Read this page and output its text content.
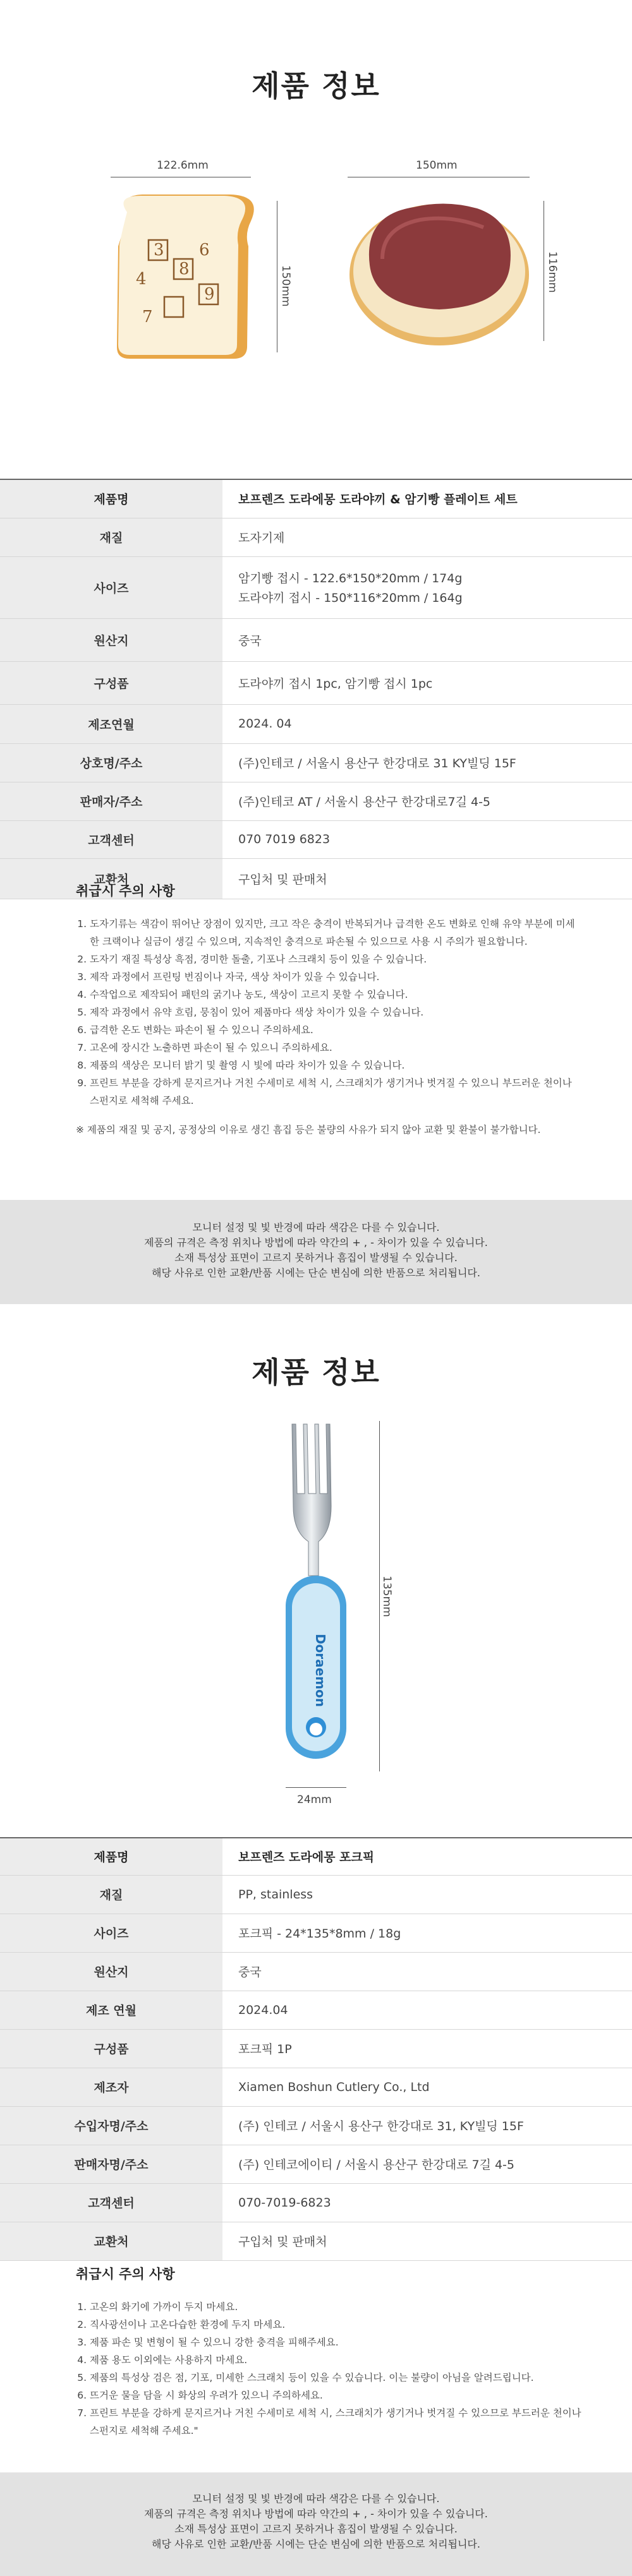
제품 정보
122.6mm
150mm
3
8
9
6
4
7
150mm
116mm
제품명	보프렌즈 도라에몽 도라야끼 & 암기빵 플레이트 세트
재질	도자기제
사이즈	암기빵 접시 - 122.6*150*20mm / 174g
도라야끼 접시 - 150*116*20mm / 164g

원산지	중국
구성품	도라야끼 접시 1pc, 암기빵 접시 1pc
제조연월	2024. 04
상호명/주소	(주)인테코 / 서울시 용산구 한강대로 31 KY빌딩 15F
판매자/주소	(주)인테코 AT / 서울시 용산구 한강대로7길 4-5
고객센터	070 7019 6823
교환처	구입처 및 판매처
취급시 주의 사항
1. 도자기류는 색감이 뛰어난 장점이 있지만, 크고 작은 충격이 반복되거나 급격한 온도 변화로 인해 유약 부분에 미세한 크랙이나 실금이 생길 수 있으며, 지속적인 충격으로 파손될 수 있으므로 사용 시 주의가 필요합니다.
2. 도자기 재질 특성상 흑점, 경미한 돌출, 기포나 스크래치 등이 있을 수 있습니다.
3. 제작 과정에서 프린팅 번짐이나 자국, 색상 차이가 있을 수 있습니다.
4. 수작업으로 제작되어 패턴의 굵기나 농도, 색상이 고르지 못할 수 있습니다.
5. 제작 과정에서 유약 흐림, 뭉침이 있어 제품마다 색상 차이가 있을 수 있습니다.
6. 급격한 온도 변화는 파손이 될 수 있으니 주의하세요.
7. 고온에 장시간 노출하면 파손이 될 수 있으니 주의하세요.
8. 제품의 색상은 모니터 밝기 및 촬영 시 빛에 따라 차이가 있을 수 있습니다.
9. 프린트 부분을 강하게 문지르거나 거친 수세미로 세척 시, 스크래치가 생기거나 벗겨질 수 있으니 부드러운 천이나 스펀지로 세척해 주세요.
※ 제품의 재질 및 공지, 공정상의 이유로 생긴 흠집 등은 불량의 사유가 되지 않아 교환 및 환불이 불가합니다.
모니터 설정 및 빛 반경에 따라 색감은 다를 수 있습니다.
제품의 규격은 측정 위치나 방법에 따라 약간의 + , - 차이가 있을 수 있습니다.
소재 특성상 표면이 고르지 못하거나 흠집이 발생될 수 있습니다.
해당 사유로 인한 교환/반품 시에는 단순 변심에 의한 반품으로 처리됩니다.
제품 정보
Doraemon
135mm
24mm
제품명	보프렌즈 도라에몽 포크픽
재질	PP, stainless
사이즈	포크픽 - 24*135*8mm / 18g
원산지	중국
제조 연월	2024.04
구성품	포크픽 1P
제조자	Xiamen Boshun Cutlery Co., Ltd
수입자명/주소	(주) 인테코 / 서울시 용산구 한강대로 31, KY빌딩 15F
판매자명/주소	(주) 인테코에이티 / 서울시 용산구 한강대로 7길 4-5
고객센터	070-7019-6823
교환처	구입처 및 판매처
취급시 주의 사항
1. 고온의 화기에 가까이 두지 마세요.
2. 직사광선이나 고온다습한 환경에 두지 마세요.
3. 제품 파손 및 변형이 될 수 있으니 강한 충격을 피해주세요.
4. 제품 용도 이외에는 사용하지 마세요.
5. 제품의 특성상 검은 점, 기포, 미세한 스크래치 등이 있을 수 있습니다. 이는 불량이 아님을 알려드립니다.
6. 뜨거운 물을 담을 시 화상의 우려가 있으니 주의하세요.
7. 프린트 부분을 강하게 문지르거나 거친 수세미로 세척 시, 스크래치가 생기거나 벗겨질 수 있으므로 부드러운 천이나 스펀지로 세척해 주세요."
모니터 설정 및 빛 반경에 따라 색감은 다를 수 있습니다.
제품의 규격은 측정 위치나 방법에 따라 약간의 + , - 차이가 있을 수 있습니다.
소재 특성상 표면이 고르지 못하거나 흠집이 발생될 수 있습니다.
해당 사유로 인한 교환/반품 시에는 단순 변심에 의한 반품으로 처리됩니다.
